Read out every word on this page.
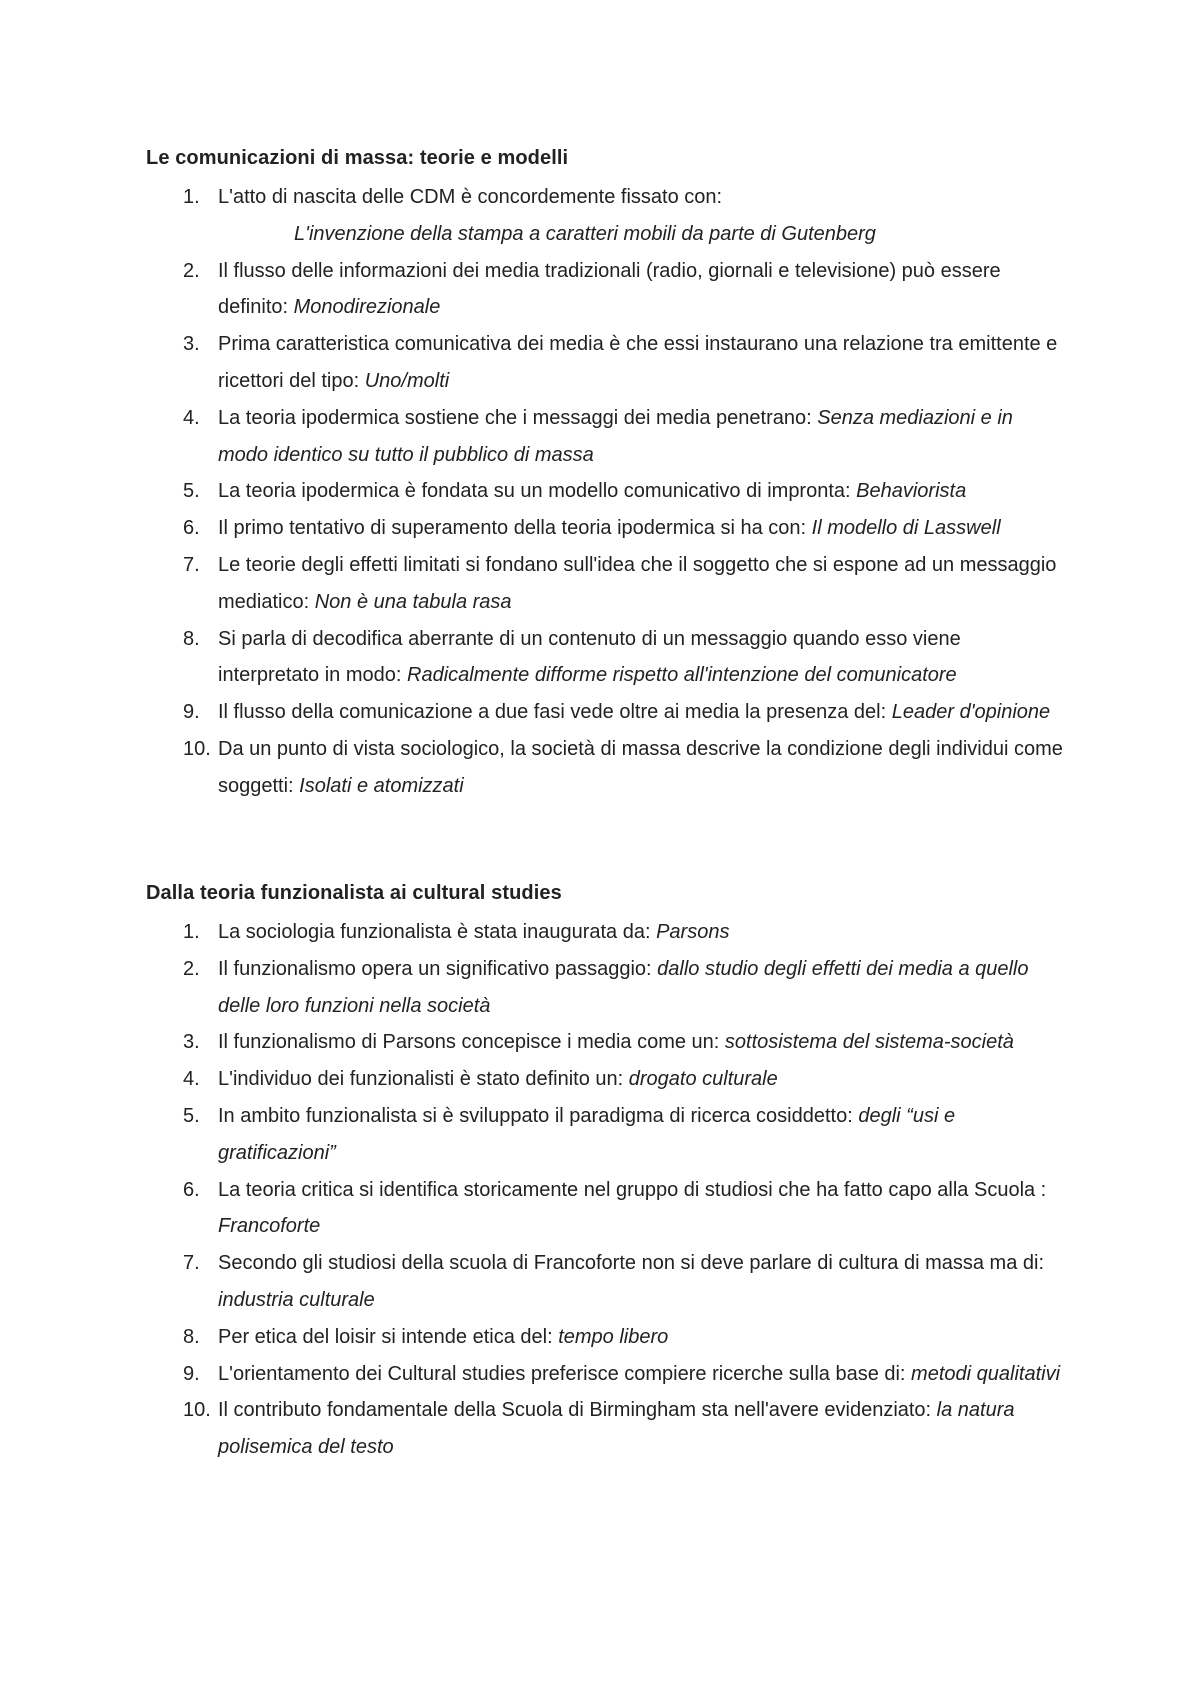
Le comunicazioni di massa: teorie e modelli
1. L'atto di nascita delle CDM è concordemente fissato con:
L'invenzione della stampa a caratteri mobili da parte di Gutenberg
2. Il flusso delle informazioni dei media tradizionali (radio, giornali e televisione) può essere definito: Monodirezionale
3. Prima caratteristica comunicativa dei media è che essi instaurano una relazione tra emittente e ricettori del tipo: Uno/molti
4. La teoria ipodermica sostiene che i messaggi dei media penetrano: Senza mediazioni e in modo identico su tutto il pubblico di massa
5. La teoria ipodermica è fondata su un modello comunicativo di impronta: Behaviorista
6. Il primo tentativo di superamento della teoria ipodermica si ha con: Il modello di Lasswell
7. Le teorie degli effetti limitati si fondano sull'idea che il soggetto che si espone ad un messaggio mediatico: Non è una tabula rasa
8. Si parla di decodifica aberrante di un contenuto di un messaggio quando esso viene interpretato in modo: Radicalmente difforme rispetto all'intenzione del comunicatore
9. Il flusso della comunicazione a due fasi vede oltre ai media la presenza del: Leader d'opinione
10. Da un punto di vista sociologico, la società di massa descrive la condizione degli individui come soggetti: Isolati e atomizzati
Dalla teoria funzionalista ai cultural studies
1. La sociologia funzionalista è stata inaugurata da: Parsons
2. Il funzionalismo opera un significativo passaggio: dallo studio degli effetti dei media a quello delle loro funzioni nella società
3. Il funzionalismo di Parsons concepisce i media come un: sottosistema del sistema-società
4. L'individuo dei funzionalisti è stato definito un: drogato culturale
5. In ambito funzionalista si è sviluppato il paradigma di ricerca cosiddetto: degli “usi e gratificazioni”
6. La teoria critica si identifica storicamente nel gruppo di studiosi che ha fatto capo alla Scuola : Francoforte
7. Secondo gli studiosi della scuola di Francoforte non si deve parlare di cultura di massa ma di: industria culturale
8. Per etica del loisir si intende etica del: tempo libero
9. L'orientamento dei Cultural studies preferisce compiere ricerche sulla base di: metodi qualitativi
10. Il contributo fondamentale della Scuola di Birmingham sta nell'avere evidenziato: la natura polisemica del testo
